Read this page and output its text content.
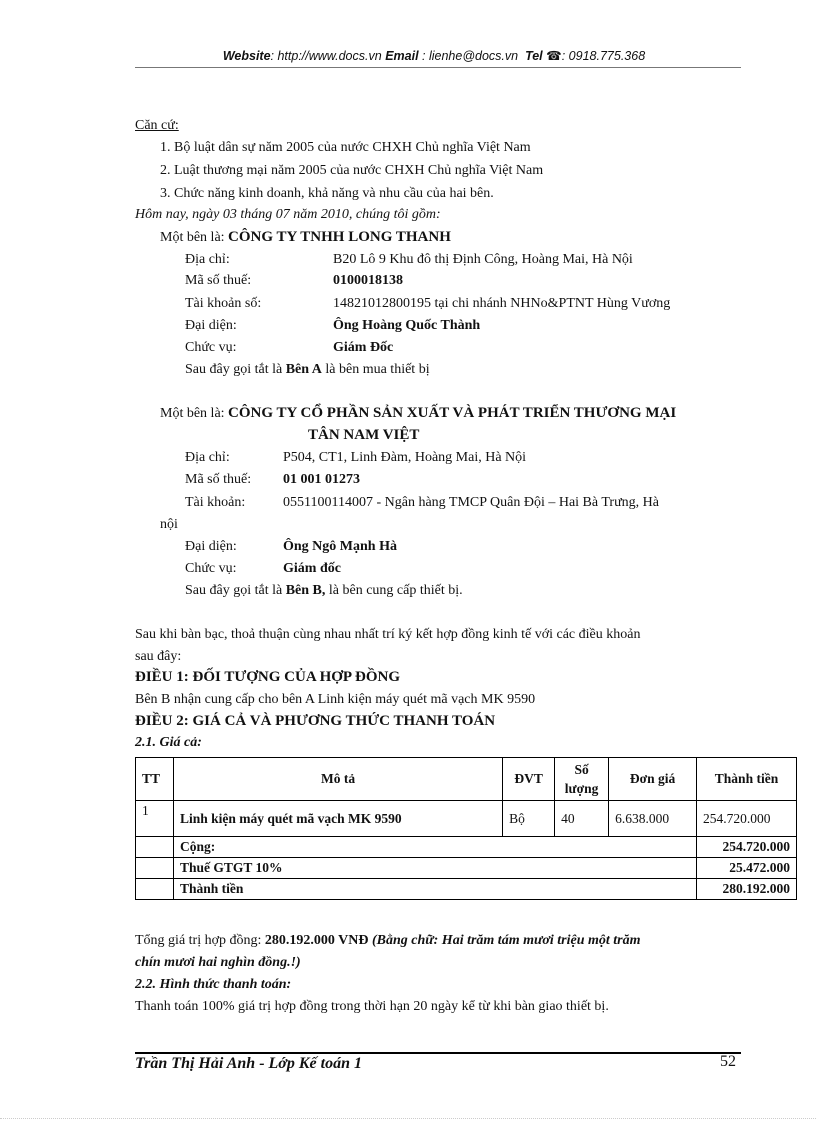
Website: http://www.docs.vn Email : lienhe@docs.vn Tel ☎: 0918.775.368
Căn cứ:
1. Bộ luật dân sự năm 2005 của nước CHXH Chủ nghĩa Việt Nam
2. Luật thương mại năm 2005 của nước CHXH Chủ nghĩa Việt Nam
3. Chức năng kinh doanh, khả năng và nhu cầu của hai bên.
Hôm nay, ngày 03 tháng 07 năm 2010, chúng tôi gồm:
Một bên là: CÔNG TY TNHH LONG THANH
Địa chỉ:	B20 Lô 9 Khu đô thị Định Công, Hoàng Mai, Hà Nội
Mã số thuế:	0100018138
Tài khoản số:	14821012800195 tại chi nhánh NHNo&PTNT Hùng Vương
Đại diện:	Ông Hoàng Quốc Thành
Chức vụ:	Giám Đốc
Sau đây gọi tắt là Bên A là bên mua thiết bị
Một bên là: CÔNG TY CỔ PHẦN SẢN XUẤT VÀ PHÁT TRIỂN THƯƠNG MẠI
TÂN NAM VIỆT
Địa chỉ:	P504, CT1, Linh Đàm, Hoàng Mai, Hà Nội
Mã số thuế: 01 001 01273
Tài khoản:	0551100114007 - Ngân hàng TMCP Quân Đội – Hai Bà Trưng, Hà
nội
Đại diện:	Ông Ngô Mạnh Hà
Chức vụ:	Giám đốc
Sau đây gọi tắt là Bên B, là bên cung cấp thiết bị.
Sau khi bàn bạc, thoả thuận cùng nhau nhất trí ký kết hợp đồng kinh tế với các điều khoản
sau đây:
ĐIỀU 1: ĐỐI TƯỢNG CỦA HỢP ĐỒNG
Bên B nhận cung cấp cho bên A Linh kiện máy quét mã vạch MK 9590
ĐIỀU 2: GIÁ CẢ VÀ PHƯƠNG THỨC THANH TOÁN
2.1. Giá cả:
TT	Mô tả	ĐVT	Số lượng	Đơn giá	Thành tiền
1	Linh kiện máy quét mã vạch MK 9590	Bộ	40	6.638.000	254.720.000
	Cộng:				254.720.000
	Thuế GTGT 10%				25.472.000
	Thành tiền				280.192.000
Tổng giá trị hợp đồng: 280.192.000 VNĐ (Bằng chữ: Hai trăm tám mươi triệu một trăm
chín mươi hai nghìn đồng.!)
2.2. Hình thức thanh toán:
Thanh toán 100% giá trị hợp đồng trong thời hạn 20 ngày kể từ khi bàn giao thiết bị.
Trần Thị Hải Anh - Lớp Kế toán 1	52
